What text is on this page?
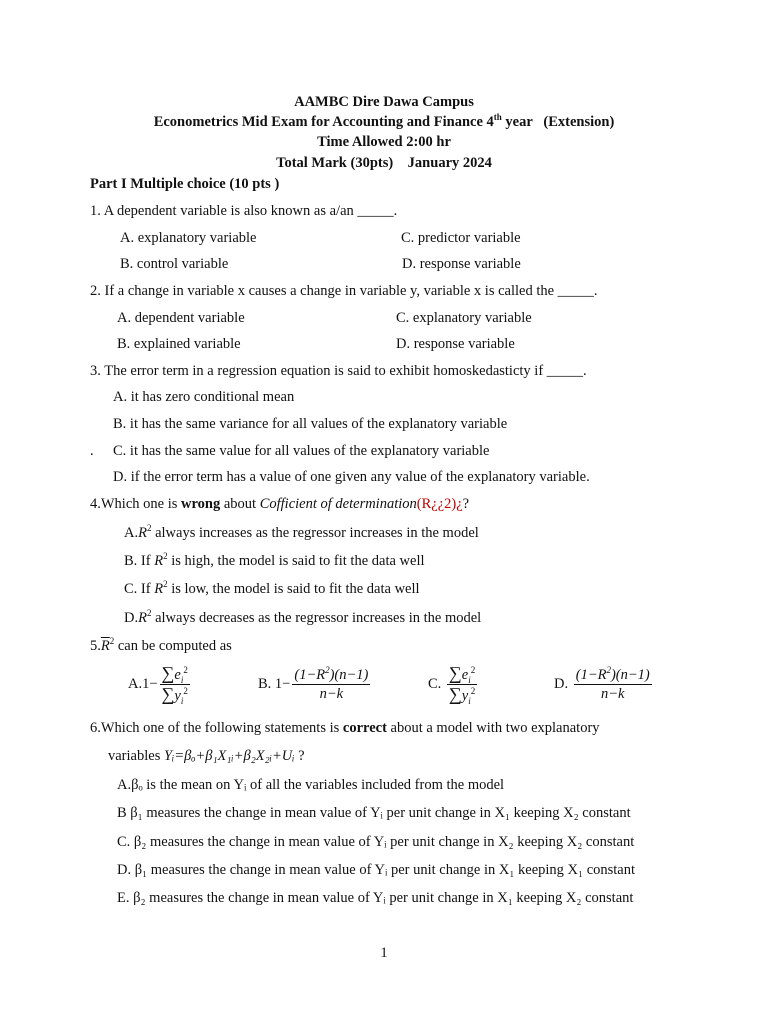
AAMBC Dire Dawa Campus
Econometrics Mid Exam for Accounting and Finance 4th year   (Extension)
Time Allowed 2:00 hr
Total Mark (30pts)    January 2024
Part I Multiple choice (10 pts )
1. A dependent variable is also known as a/an _____.
A. explanatory variable	C. predictor variable
B. control variable	D. response variable
2. If a change in variable x causes a change in variable y, variable x is called the _____.
A. dependent variable	C. explanatory variable
B. explained variable	D. response variable
3. The error term in a regression equation is said to exhibit homoskedasticty if _____.
A. it has zero conditional mean
B. it has the same variance for all values of the explanatory variable
. C. it has the same value for all values of the explanatory variable
D. if the error term has a value of one given any value of the explanatory variable.
4.Which one is wrong about Cofficient of determination(R¿¿2)¿?
$A.R^2$ always increases as the regressor increases in the model
B. If $R^2$ is high, the model is said to fit the data well
C. If $R^2$ is low, the model is said to fit the data well
$D.R^2$ always decreases as the regressor increases in the model
$5.\overline{R}^2$ can be computed as
A. $1- \frac{\sum e_i^2}{\sum y_i^2}$	B.
$1- \frac{(1-R^2)(n-1)}{n-k}$	C.
$\frac{\sum e_i^2}{\sum y_i^2}$	D.
$\frac{(1-R^2)(n-1)}{n-k}$
6.Which one of the following statements is correct about a model with two explanatory
variables Yᵢ=βₒ+β₁X₁ᵢ+β₂X₂ᵢ+Uᵢ ?
A.βₒ is the mean on Yᵢ of all the variables included from the model
B β₁ measures the change in mean value of Yᵢ per unit change in X₁ keeping X₂ constant
C. β₂ measures the change in mean value of Yᵢ per unit change in X₂ keeping X₂ constant
D. β₁ measures the change in mean value of Yᵢ per unit change in X₁ keeping X₁ constant
E. β₂ measures the change in mean value of Yᵢ per unit change in X₁ keeping X₂ constant
1
